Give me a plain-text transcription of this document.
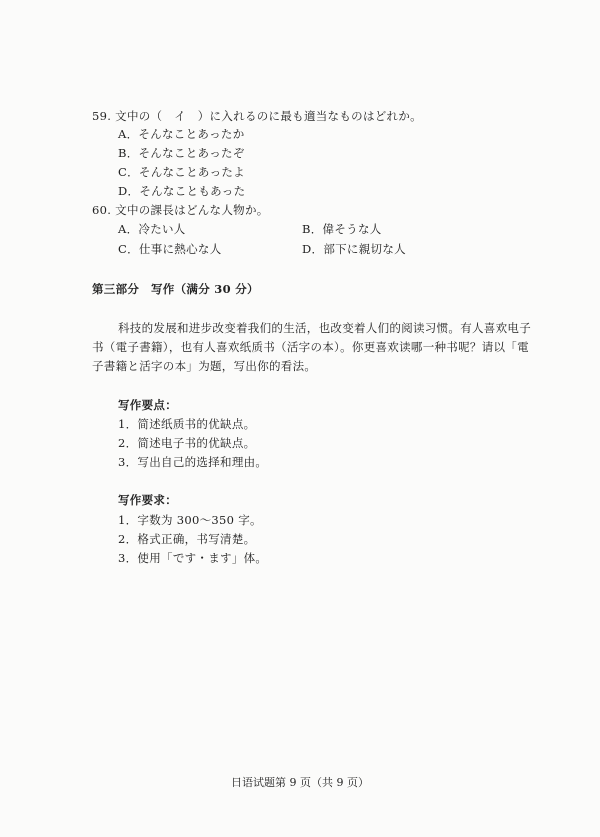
59. 文中の（　イ　）に入れるのに最も適当なものはどれか。
A．そんなことあったか
B．そんなことあったぞ
C．そんなことあったよ
D．そんなこともあった
60. 文中の課長はどんな人物か。
A．冷たい人	B．偉そうな人
C．仕事に熱心な人	D．部下に親切な人
第三部分　写作（满分 30 分）
科技的发展和进步改变着我们的生活，也改变着人们的阅读习惯。有人喜欢电子
书（電子書籍），也有人喜欢纸质书（活字の本）。你更喜欢读哪一种书呢？请以「電
子書籍と活字の本」为题，写出你的看法。
写作要点：
1．简述纸质书的优缺点。
2．简述电子书的优缺点。
3．写出自己的选择和理由。
写作要求：
1．字数为 300～350 字。
2．格式正确，书写清楚。
3．使用「です・ます」体。
日语试题第 9 页（共 9 页）
